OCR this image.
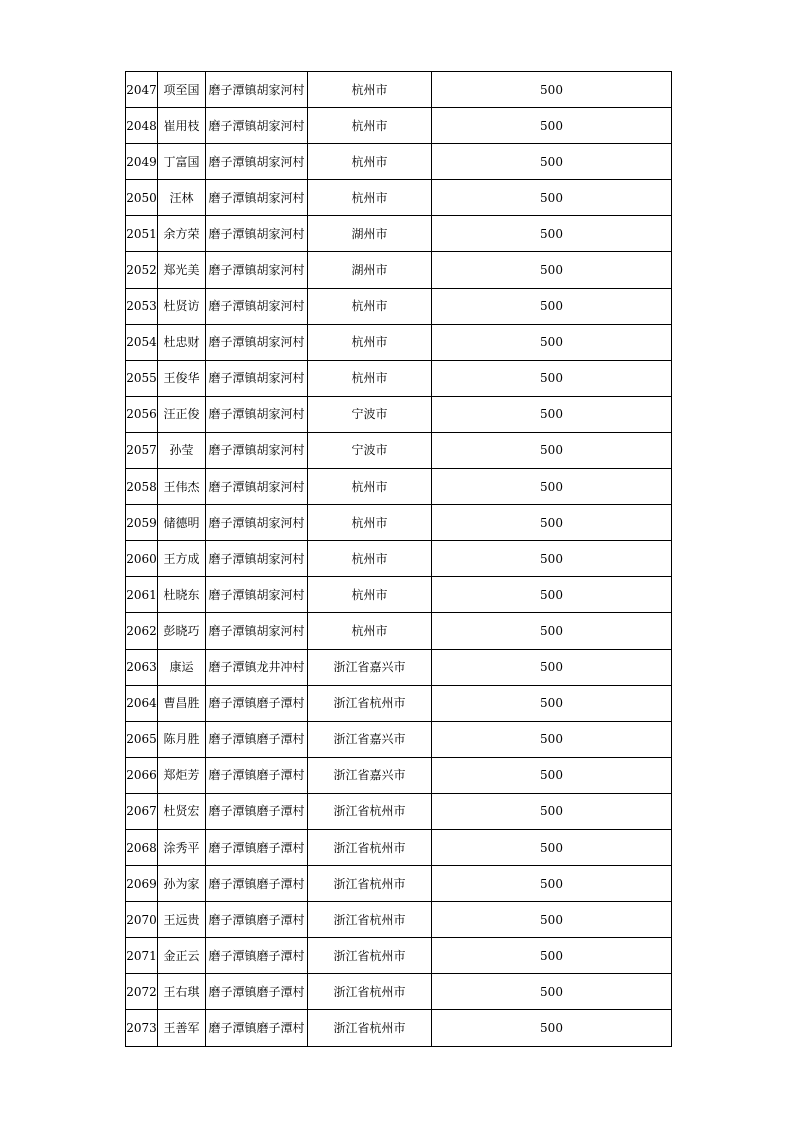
2047	项至国	磨子潭镇胡家河村	杭州市	500
2048	崔用枝	磨子潭镇胡家河村	杭州市	500
2049	丁富国	磨子潭镇胡家河村	杭州市	500
2050	汪林	磨子潭镇胡家河村	杭州市	500
2051	余方荣	磨子潭镇胡家河村	湖州市	500
2052	郑光美	磨子潭镇胡家河村	湖州市	500
2053	杜贤访	磨子潭镇胡家河村	杭州市	500
2054	杜忠财	磨子潭镇胡家河村	杭州市	500
2055	王俊华	磨子潭镇胡家河村	杭州市	500
2056	汪正俊	磨子潭镇胡家河村	宁波市	500
2057	孙莹	磨子潭镇胡家河村	宁波市	500
2058	王伟杰	磨子潭镇胡家河村	杭州市	500
2059	储德明	磨子潭镇胡家河村	杭州市	500
2060	王方成	磨子潭镇胡家河村	杭州市	500
2061	杜晓东	磨子潭镇胡家河村	杭州市	500
2062	彭晓巧	磨子潭镇胡家河村	杭州市	500
2063	康运	磨子潭镇龙井冲村	浙江省嘉兴市	500
2064	曹昌胜	磨子潭镇磨子潭村	浙江省杭州市	500
2065	陈月胜	磨子潭镇磨子潭村	浙江省嘉兴市	500
2066	郑炬芳	磨子潭镇磨子潭村	浙江省嘉兴市	500
2067	杜贤宏	磨子潭镇磨子潭村	浙江省杭州市	500
2068	涂秀平	磨子潭镇磨子潭村	浙江省杭州市	500
2069	孙为家	磨子潭镇磨子潭村	浙江省杭州市	500
2070	王远贵	磨子潭镇磨子潭村	浙江省杭州市	500
2071	金正云	磨子潭镇磨子潭村	浙江省杭州市	500
2072	王右琪	磨子潭镇磨子潭村	浙江省杭州市	500
2073	王善军	磨子潭镇磨子潭村	浙江省杭州市	500
